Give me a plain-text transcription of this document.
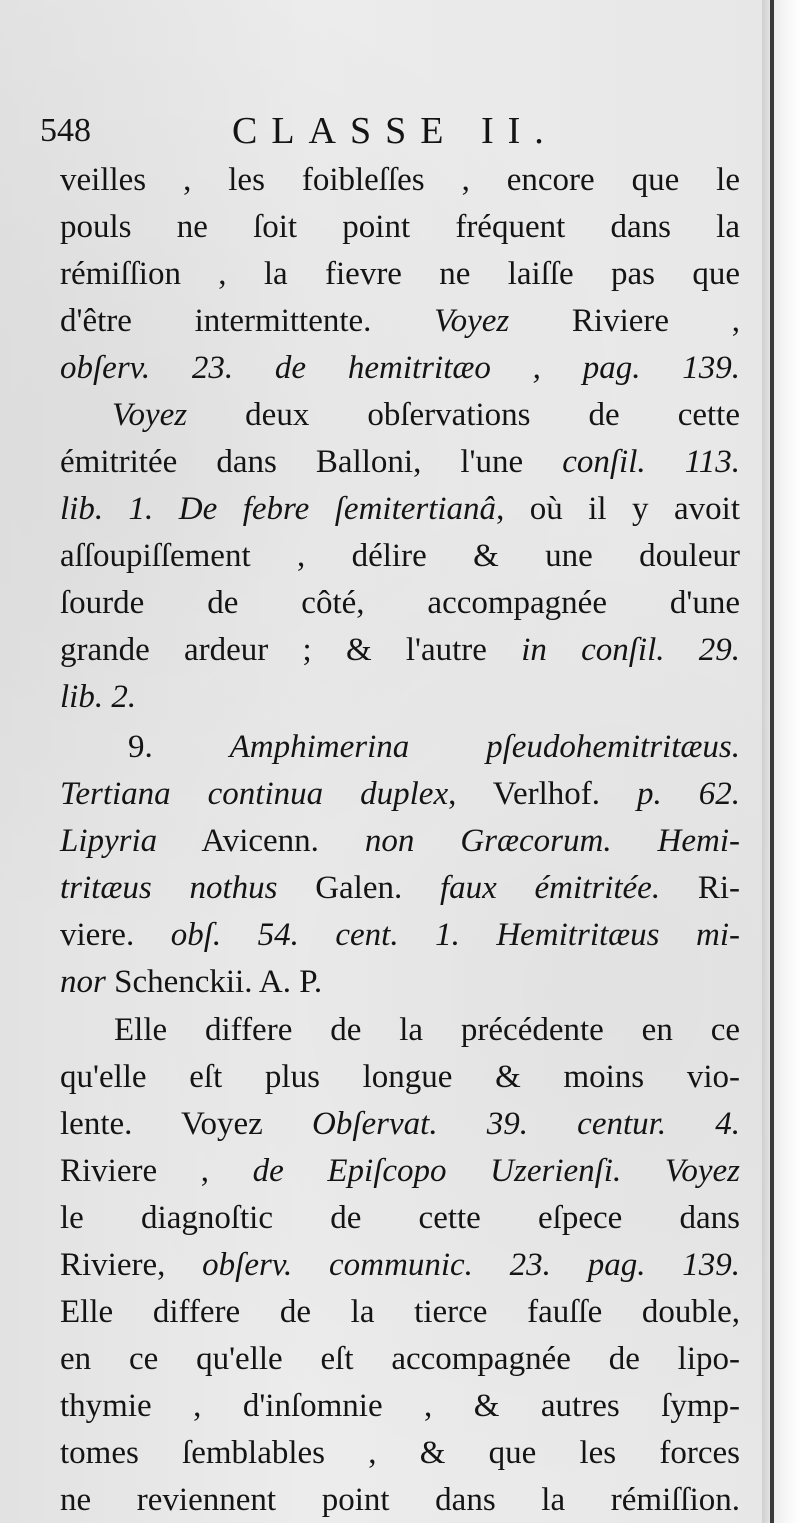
548	CLASSE II.
veilles , les foibleſſes , encore que le
pouls ne ſoit point fréquent dans la
rémiſſion , la fievre ne laiſſe pas que
d'être intermittente. Voyez Riviere ,
obſerv. 23. de hemitritæo , pag. 139.
Voyez deux obſervations de cette
émitritée dans Balloni, l'une conſil. 113.
lib. 1. De febre ſemitertianâ, où il y avoit
aſſoupiſſement , délire & une douleur
ſourde de côté, accompagnée d'une
grande ardeur ; & l'autre in conſil. 29.
lib. 2.
9. Amphimerina pſeudohemitritæus.
Tertiana continua duplex, Verlhof. p. 62.
Lipyria Avicenn. non Græcorum. Hemi-
tritæus nothus Galen. faux émitritée. Ri-
viere. obſ. 54. cent. 1. Hemitritæus mi-
nor Schenckii. A. P.
Elle differe de la précédente en ce
qu'elle eſt plus longue & moins vio-
lente. Voyez Obſervat. 39. centur. 4.
Riviere , de Epiſcopo Uzerienſi. Voyez
le diagnoſtic de cette eſpece dans
Riviere, obſerv. communic. 23. pag. 139.
Elle differe de la tierce fauſſe double,
en ce qu'elle eſt accompagnée de lipo-
thymie , d'inſomnie , & autres ſymp-
tomes ſemblables , & que les forces
ne reviennent point dans la rémiſſion.
